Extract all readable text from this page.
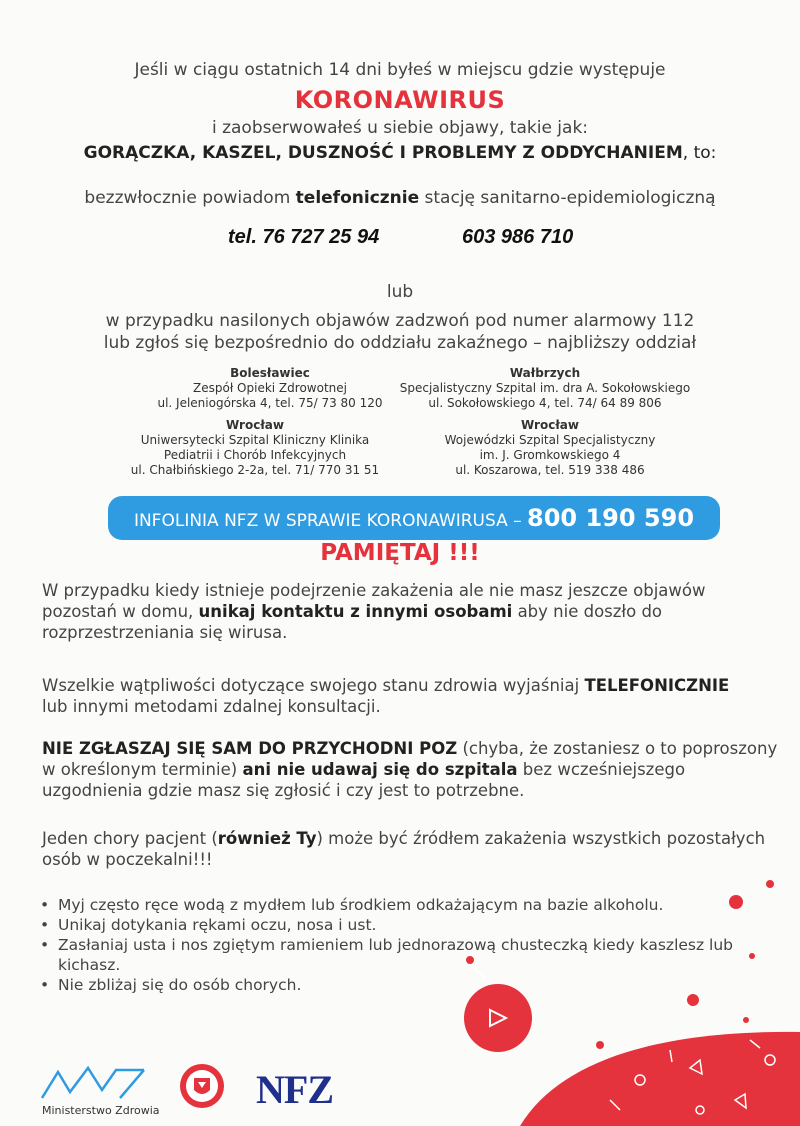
Jeśli w ciągu ostatnich 14 dni byłeś w miejscu gdzie występuje
KORONAWIRUS
i zaobserwowałeś u siebie objawy, takie jak:
GORĄCZKA, KASZEL, DUSZNOŚĆ I PROBLEMY Z ODDYCHANIEM, to:
bezzwłocznie powiadom telefonicznie stację sanitarno-epidemiologiczną
tel. 76 727 25 94	603 986 710
lub
w przypadku nasilonych objawów zadzwoń pod numer alarmowy 112
lub zgłoś się bezpośrednio do oddziału zakaźnego – najbliższy oddział
Bolesławiec
Zespół Opieki Zdrowotnej
ul. Jeleniogórska 4, tel. 75/ 73 80 120
Wałbrzych
Specjalistyczny Szpital im. dra A. Sokołowskiego
ul. Sokołowskiego 4, tel. 74/ 64 89 806
Wrocław
Uniwersytecki Szpital Kliniczny Klinika
Pediatrii i Chorób Infekcyjnych
ul. Chałbińskiego 2-2a, tel. 71/ 770 31 51
Wrocław
Wojewódzki Szpital Specjalistyczny
im. J. Gromkowskiego 4
ul. Koszarowa, tel. 519 338 486
INFOLINIA NFZ W SPRAWIE KORONAWIRUSA – 800 190 590
PAMIĘTAJ !!!
W przypadku kiedy istnieje podejrzenie zakażenia ale nie masz jeszcze objawów pozostań w domu, unikaj kontaktu z innymi osobami aby nie doszło do rozprzestrzeniania się wirusa.
Wszelkie wątpliwości dotyczące swojego stanu zdrowia wyjaśniaj TELEFONICZNIE
lub innymi metodami zdalnej konsultacji.
NIE ZGŁASZAJ SIĘ SAM DO PRZYCHODNI POZ (chyba, że zostaniesz o to poproszony w określonym terminie) ani nie udawaj się do szpitala bez wcześniejszego uzgodnienia gdzie masz się zgłosić i czy jest to potrzebne.
Jeden chory pacjent (również Ty) może być źródłem zakażenia wszystkich pozostałych osób w poczekalni!!!
• Myj często ręce wodą z mydłem lub środkiem odkażającym na bazie alkoholu.
• Unikaj dotykania rękami oczu, nosa i ust.
• Zasłaniaj usta i nos zgiętym ramieniem lub jednorazową chusteczką kiedy kaszlesz lub kichasz.
• Nie zbliżaj się do osób chorych.
Ministerstwo Zdrowia NFZ
